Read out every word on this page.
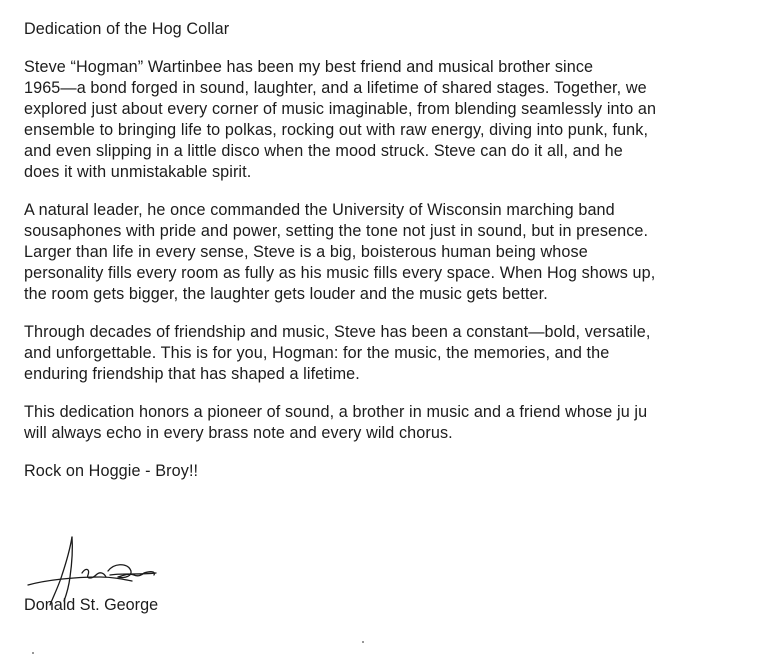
Dedication of the Hog Collar
Steve “Hogman” Wartinbee has been my best friend and musical brother since
1965—a bond forged in sound, laughter, and a lifetime of shared stages. Together, we
explored just about every corner of music imaginable, from blending seamlessly into an
ensemble to bringing life to polkas, rocking out with raw energy, diving into punk, funk,
and even slipping in a little disco when the mood struck. Steve can do it all, and he
does it with unmistakable spirit.
A natural leader, he once commanded the University of Wisconsin marching band
sousaphones with pride and power, setting the tone not just in sound, but in presence.
Larger than life in every sense, Steve is a big, boisterous human being whose
personality fills every room as fully as his music fills every space. When Hog shows up,
the room gets bigger, the laughter gets louder and the music gets better.
Through decades of friendship and music, Steve has been a constant—bold, versatile,
and unforgettable. This is for you, Hogman: for the music, the memories, and the
enduring friendship that has shaped a lifetime.
This dedication honors a pioneer of sound, a brother in music and a friend whose ju ju
will always echo in every brass note and every wild chorus.
Rock on Hoggie - Broy!!
Donald St. George
